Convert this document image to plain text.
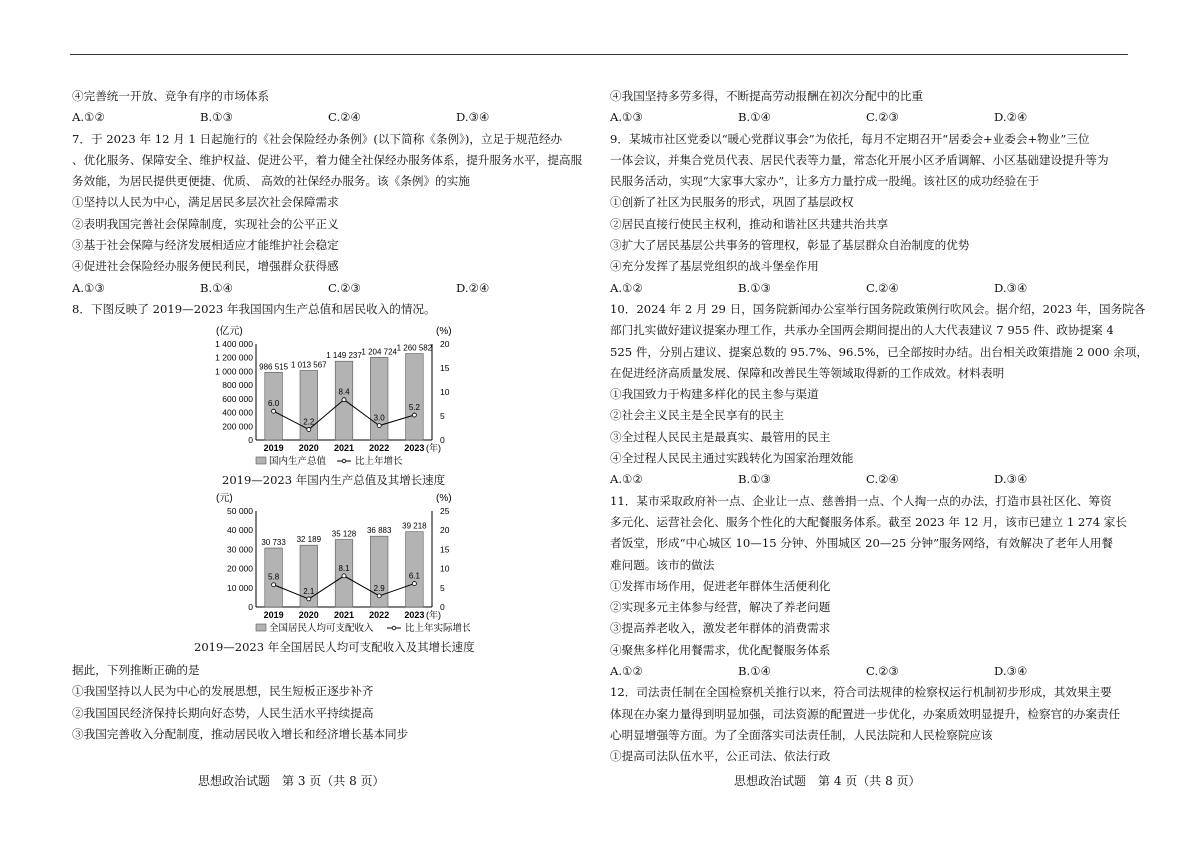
④完善统一开放、竞争有序的市场体系
A.①②	B.①③	C.②④	D.③④
7．于 2023 年 12 月 1 日起施行的《社会保险经办条例》(以下简称《条例》)，立足于规范经办
、优化服务、保障安全、维护权益、促进公平，着力健全社保经办服务体系，提升服务水平，提高服
务效能，为居民提供更便捷、优质、 高效的社保经办服务。该《条例》的实施
①坚持以人民为中心，满足居民多层次社会保障需求
②表明我国完善社会保障制度，实现社会的公平正义
③基于社会保障与经济发展相适应才能维护社会稳定
④促进社会保险经办服务便民利民，增强群众获得感
A.①③	B.①④	C.②③	D.②④
8．下图反映了 2019—2023 年我国国内生产总值和居民收入的情况。
(亿元)	(%)
0
200 000
400 000
600 000
800 000
1 000 000
1 200 000
1 400 000
0
5
10
15
20
986 515
2019
1 013 567
2020
1 149 237
2021
1 204 724
2022
1 260 582
2023 (年)
6.0
2.2
8.4
3.0
5.2
国内生产总值	比上年增长
2019—2023 年国内生产总值及其增长速度
(元)	(%)
0
10 000
20 000
30 000
40 000
50 000
0
5
10
15
20
25
30 733
2019
32 189
2020
35 128
2021
36 883
2022
39 218
2023 (年)
5.8
2.1
8.1
2.9
6.1
全国居民人均可支配收入	比上年实际增长
2019—2023 年全国居民人均可支配收入及其增长速度
据此，下列推断正确的是
①我国坚持以人民为中心的发展思想，民生短板正逐步补齐
②我国国民经济保持长期向好态势，人民生活水平持续提高
③我国完善收入分配制度，推动居民收入增长和经济增长基本同步
思想政治试题　第 3 页（共 8 页）
④我国坚持多劳多得，不断提高劳动报酬在初次分配中的比重
A.①③	B.①④	C.②③	D.②④
9．某城市社区党委以“暖心党群议事会”为依托，每月不定期召开“居委会+业委会+物业”三位
一体会议，并集合党员代表、居民代表等力量，常态化开展小区矛盾调解、小区基础建设提升等为
民服务活动，实现“大家事大家办”，让多方力量拧成一股绳。该社区的成功经验在于
①创新了社区为民服务的形式，巩固了基层政权
②居民直接行使民主权利，推动和谐社区共建共治共享
③扩大了居民基层公共事务的管理权，彰显了基层群众自治制度的优势
④充分发挥了基层党组织的战斗堡垒作用
A.①②	B.①③	C.②④	D.③④
10．2024 年 2 月 29 日，国务院新闻办公室举行国务院政策例行吹风会。据介绍，2023 年，国务院各
部门扎实做好建议提案办理工作，共承办全国两会期间提出的人大代表建议 7 955 件、政协提案 4
525 件，分别占建议、提案总数的 95.7%、96.5%，已全部按时办结。出台相关政策措施 2 000 余项，
在促进经济高质量发展、保障和改善民生等领域取得新的工作成效。材料表明
①我国致力于构建多样化的民主参与渠道
②社会主义民主是全民享有的民主
③全过程人民民主是最真实、最管用的民主
④全过程人民民主通过实践转化为国家治理效能
A.①②	B.①③	C.②④	D.③④
11．某市采取政府补一点、企业让一点、慈善捐一点、个人掏一点的办法，打造市县社区化、筹资
多元化、运营社会化、服务个性化的大配餐服务体系。截至 2023 年 12 月，该市已建立 1 274 家长
者饭堂，形成“中心城区 10—15 分钟、外围城区 20—25 分钟”服务网络，有效解决了老年人用餐
难问题。该市的做法
①发挥市场作用，促进老年群体生活便利化
②实现多元主体参与经营，解决了养老问题
③提高养老收入，激发老年群体的消费需求
④聚焦多样化用餐需求，优化配餐服务体系
A.①②	B.①④	C.②③	D.③④
12．司法责任制在全国检察机关推行以来，符合司法规律的检察权运行机制初步形成，其效果主要
体现在办案力量得到明显加强，司法资源的配置进一步优化，办案质效明显提升，检察官的办案责任
心明显增强等方面。为了全面落实司法责任制，人民法院和人民检察院应该
①提高司法队伍水平，公正司法、依法行政
思想政治试题　第 4 页（共 8 页）
